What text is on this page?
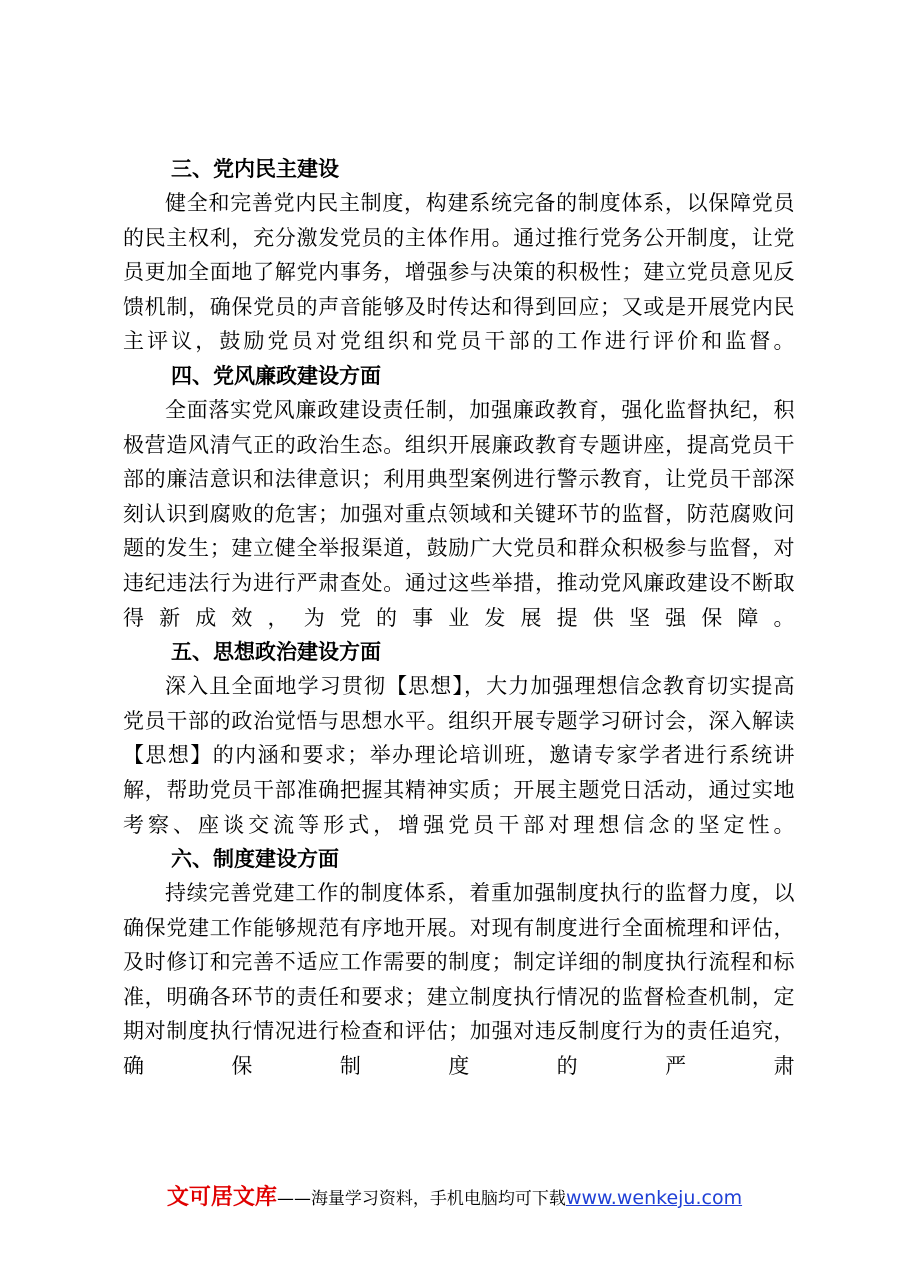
三、党内民主建设

健全和完善党内民主制度，构建系统完备的制度体系，以保障党员的民主权利，充分激发党员的主体作用。通过推行党务公开制度，让党员更加全面地了解党内事务，增强参与决策的积极性；建立党员意见反馈机制，确保党员的声音能够及时传达和得到回应；又或是开展党内民主评议，鼓励党员对党组织和党员干部的工作进行评价和监督。

四、党风廉政建设方面

全面落实党风廉政建设责任制，加强廉政教育，强化监督执纪，积极营造风清气正的政治生态。组织开展廉政教育专题讲座，提高党员干部的廉洁意识和法律意识；利用典型案例进行警示教育，让党员干部深刻认识到腐败的危害；加强对重点领域和关键环节的监督，防范腐败问题的发生；建立健全举报渠道，鼓励广大党员和群众积极参与监督，对违纪违法行为进行严肃查处。通过这些举措，推动党风廉政建设不断取得新成效，为党的事业发展提供坚强保障。

五、思想政治建设方面

深入且全面地学习贯彻【思想】，大力加强理想信念教育切实提高党员干部的政治觉悟与思想水平。组织开展专题学习研讨会，深入解读【思想】的内涵和要求；举办理论培训班，邀请专家学者进行系统讲解，帮助党员干部准确把握其精神实质；开展主题党日活动，通过实地考察、座谈交流等形式，增强党员干部对理想信念的坚定性。

六、制度建设方面

持续完善党建工作的制度体系，着重加强制度执行的监督力度，以确保党建工作能够规范有序地开展。对现有制度进行全面梳理和评估，及时修订和完善不适应工作需要的制度；制定详细的制度执行流程和标准，明确各环节的责任和要求；建立制度执行情况的监督检查机制，定期对制度执行情况进行检查和评估；加强对违反制度行为的责任追究，确保制度的严肃

文可居文库——海量学习资料，手机电脑均可下载www.wenkeju.com
